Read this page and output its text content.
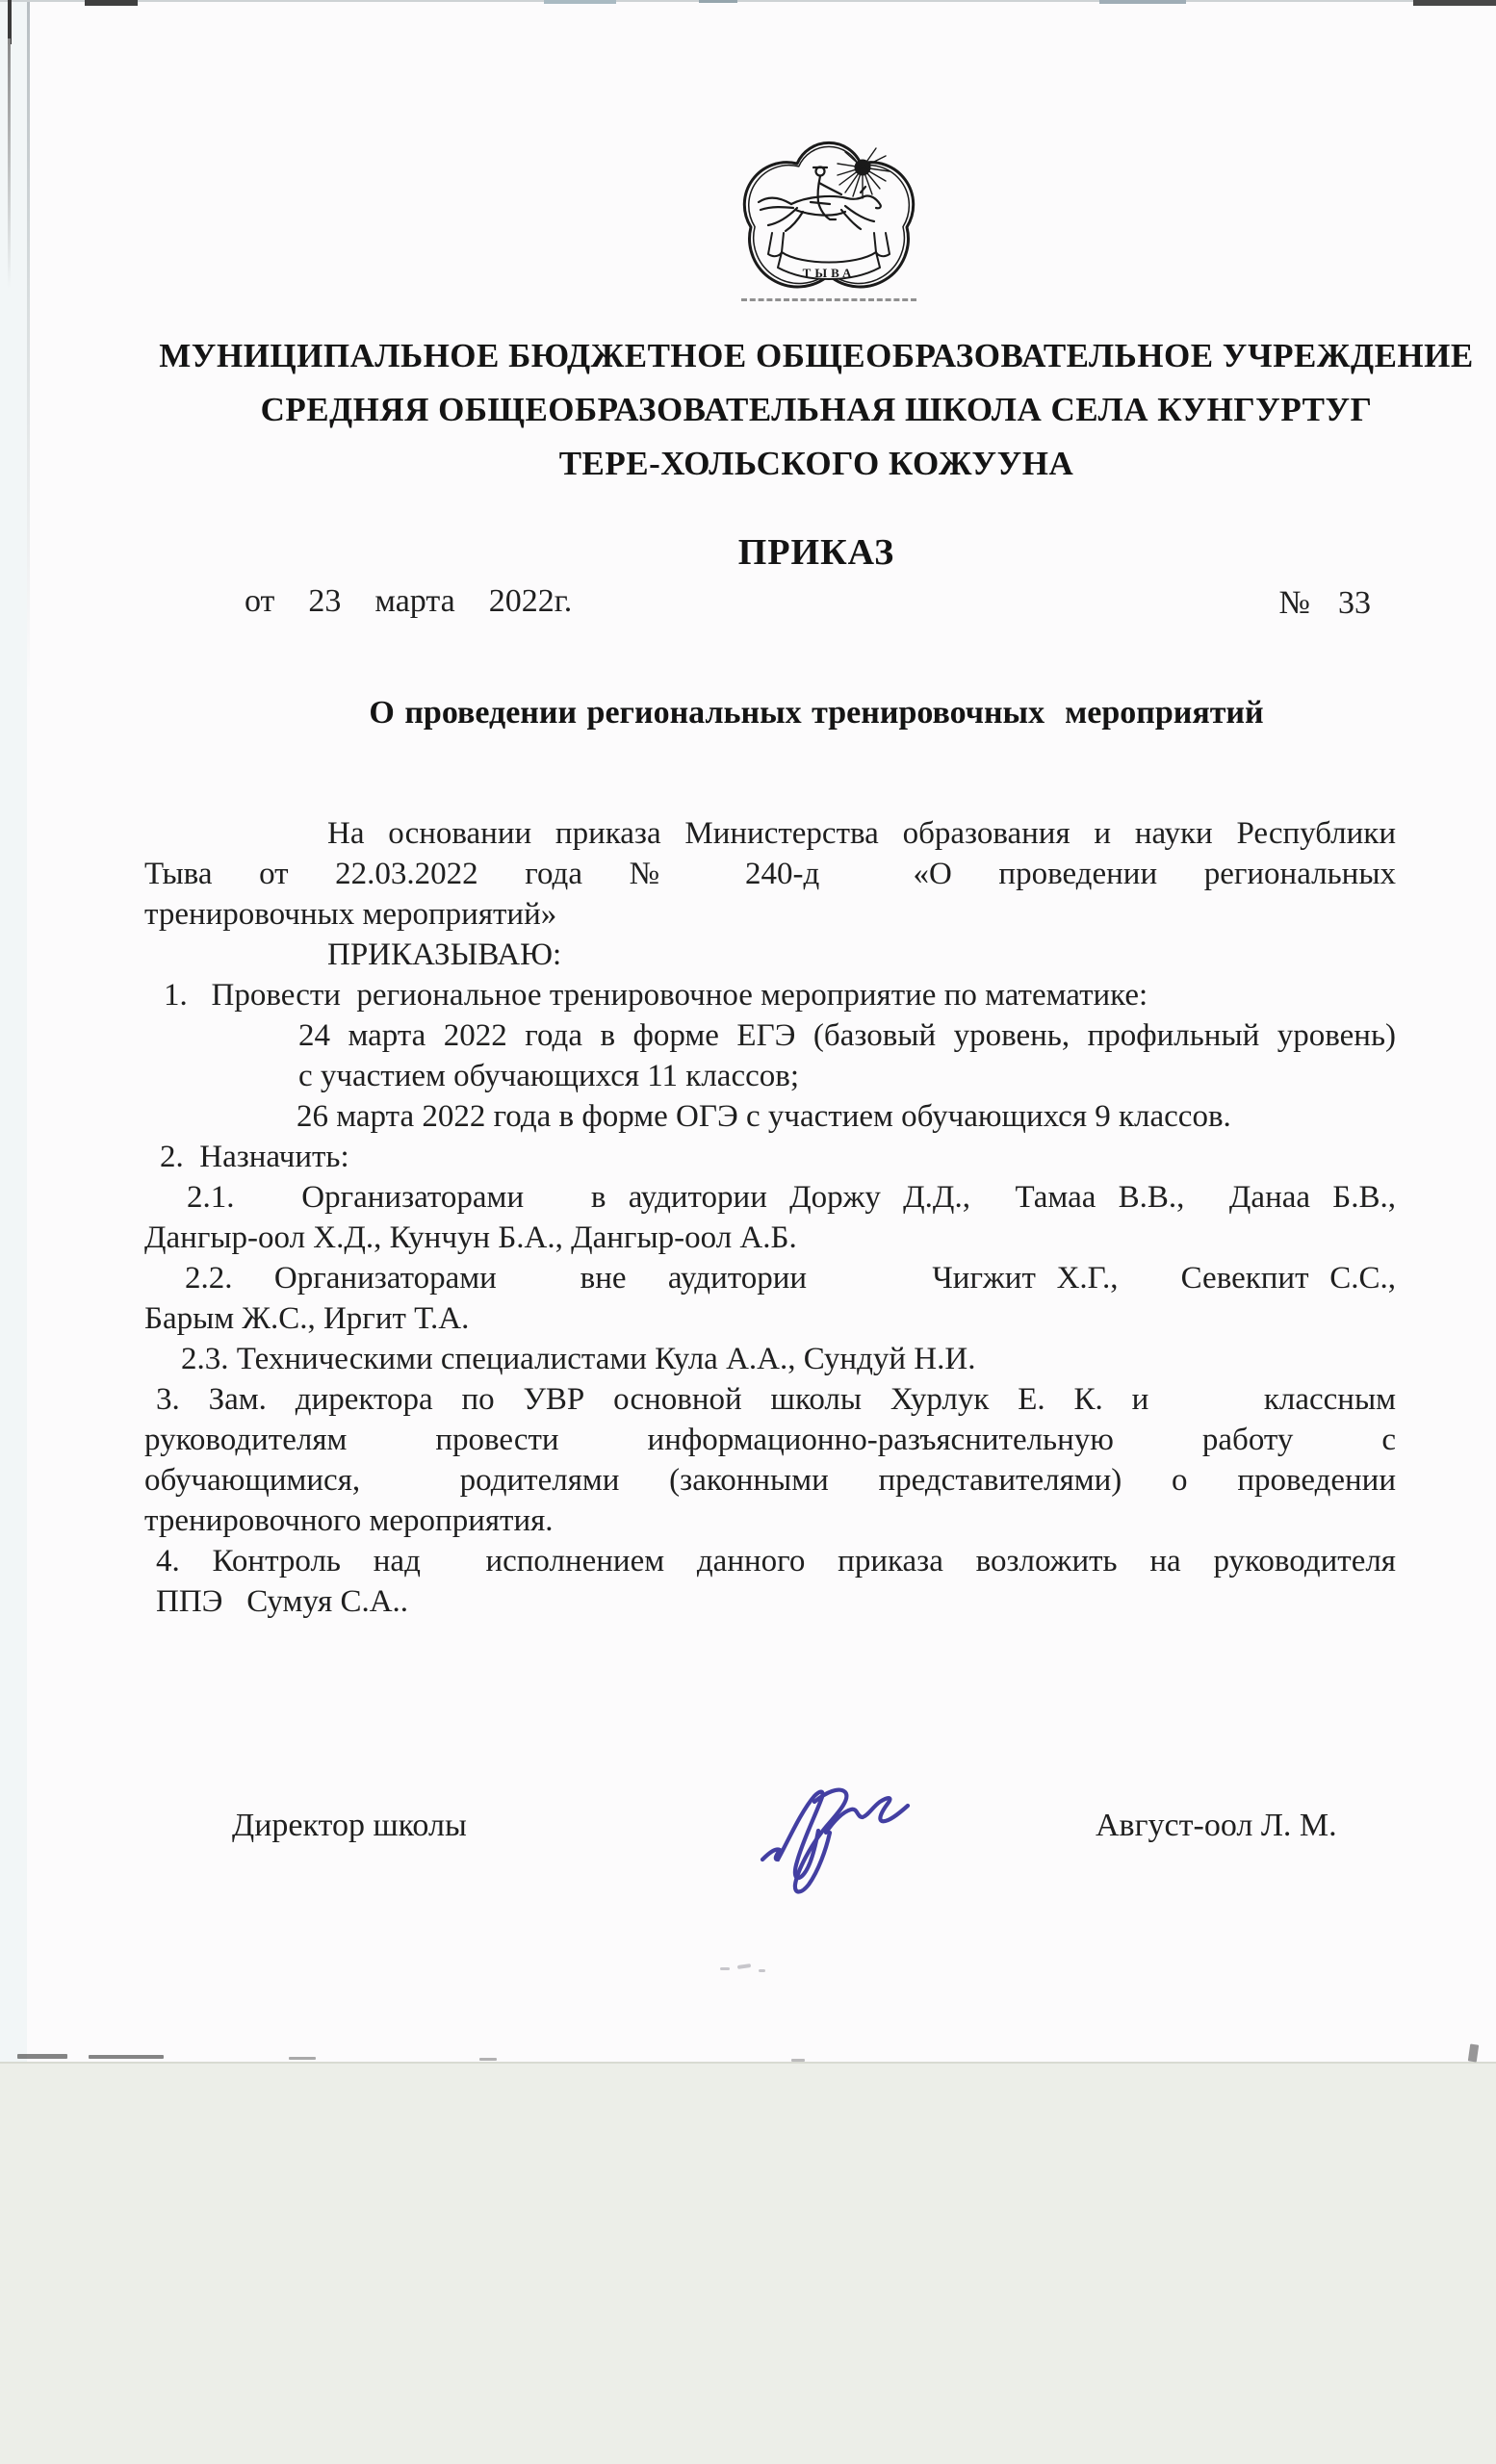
ТЫВА
МУНИЦИПАЛЬНОЕ БЮДЖЕТНОЕ ОБЩЕОБРАЗОВАТЕЛЬНОЕ УЧРЕЖДЕНИЕ
СРЕДНЯЯ ОБЩЕОБРАЗОВАТЕЛЬНАЯ ШКОЛА СЕЛА КУНГУРТУГ
ТЕРЕ-ХОЛЬСКОГО КОЖУУНА
ПРИКАЗ
от  23  марта  2022г.	№  33
О проведении региональных тренировочных  мероприятий
На основании приказа Министерства образования и науки Республики
Тыва от 22.03.2022 года № 240-д  «О проведении региональных
тренировочных мероприятий»
ПРИКАЗЫВАЮ:
1.   Провести  региональное тренировочное мероприятие по математике:
24 марта 2022 года в форме ЕГЭ (базовый уровень, профильный уровень)
с участием обучающихся 11 классов;
26 марта 2022 года в форме ОГЭ с участием обучающихся 9 классов.
2.  Назначить:
2.1.   Организаторами   в аудитории Доржу Д.Д.,  Тамаа В.В.,  Данаа Б.В.,
Дангыр-оол Х.Д., Кунчун Б.А., Дангыр-оол А.Б.
2.2.  Организаторами    вне  аудитории      Чигжит Х.Г.,   Севекпит С.С.,
Барым Ж.С., Иргит Т.А.
2.3. Техническими специалистами Кула А.А., Сундуй Н.И.
3. Зам. директора по УВР основной школы Хурлук Е. К. и    классным
руководителям провести информационно-разъяснительную работу с
обучающимися,  родителями (законными представителями) о проведении
тренировочного мероприятия.
4. Контроль над  исполнением данного приказа возложить на руководителя
ППЭ   Сумуя С.А..
Директор школы	Август-оол Л. М.
